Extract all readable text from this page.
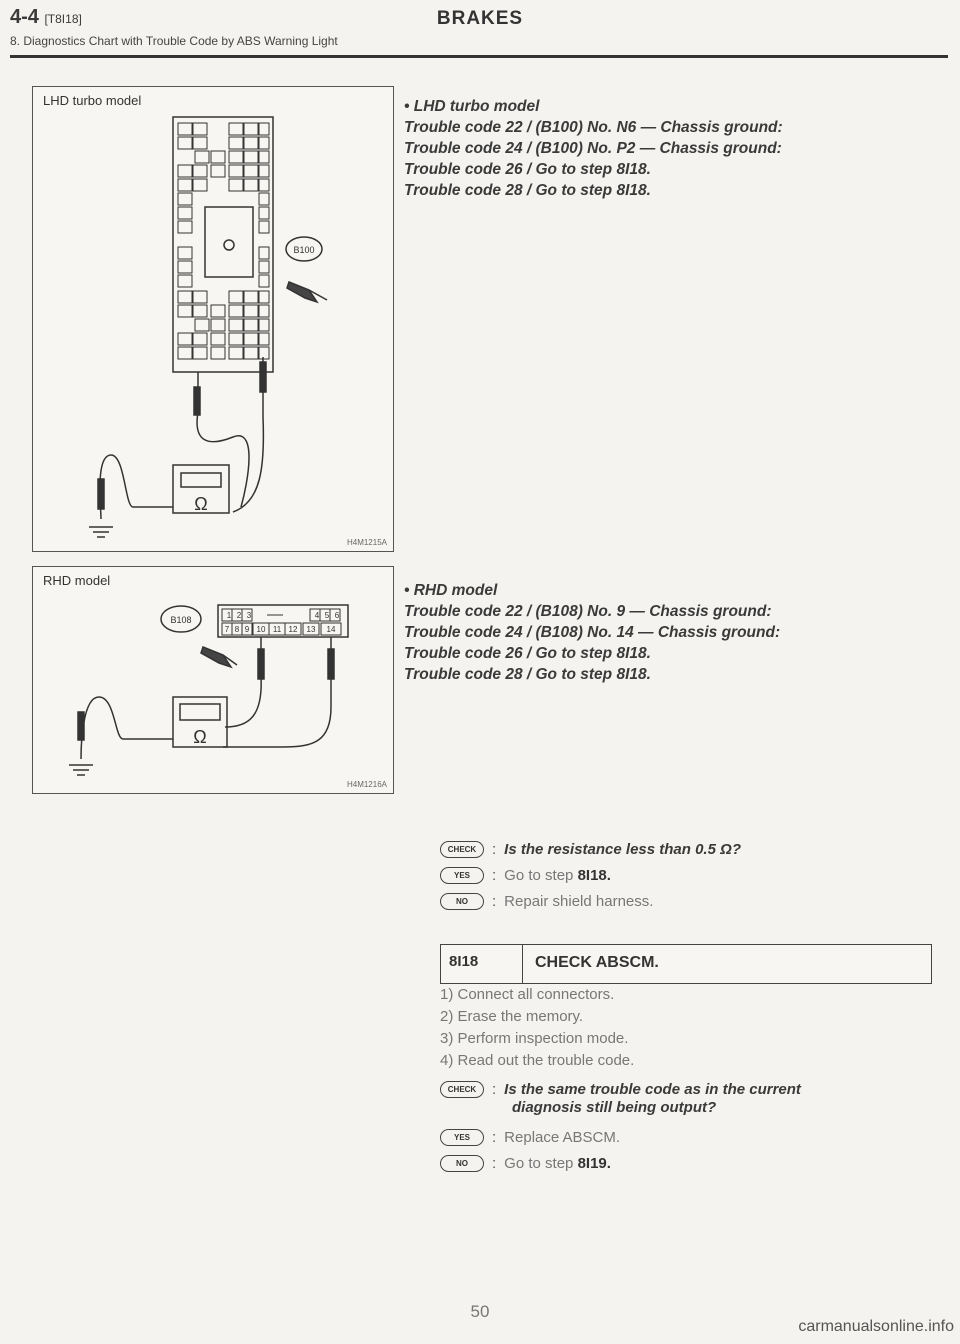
4-4 [T8I18]	BRAKES
8. Diagnostics Chart with Trouble Code by ABS Warning Light
B100
Ω
LHD turbo model
H4M1215A
B108	1 2 3	4 5 6
7 8 9 10 11 12 13 14
Ω
RHD model
H4M1216A

• LHD turbo model

Trouble code 22 / (B100) No. N6 — Chassis ground:

Trouble code 24 / (B100) No. P2 — Chassis ground:

Trouble code 26 / Go to step 8I18.

Trouble code 28 / Go to step 8I18.

• RHD model

Trouble code 22 / (B108) No. 9 — Chassis ground:

Trouble code 24 / (B108) No. 14 — Chassis ground:

Trouble code 26 / Go to step 8I18.

Trouble code 28 / Go to step 8I18.

CHECK	: Is the resistance less than 0.5 Ω?
YES	: Go to step 8I18.
NO	: Repair shield harness.
8I18	CHECK ABSCM.
1) Connect all connectors.
2) Erase the memory.
3) Perform inspection mode.
4) Read out the trouble code.
CHECK	: Is the same trouble code as in the current
diagnosis still being output?
YES	: Replace ABSCM.
NO	: Go to step 8I19.
50
carmanualsonline.info
